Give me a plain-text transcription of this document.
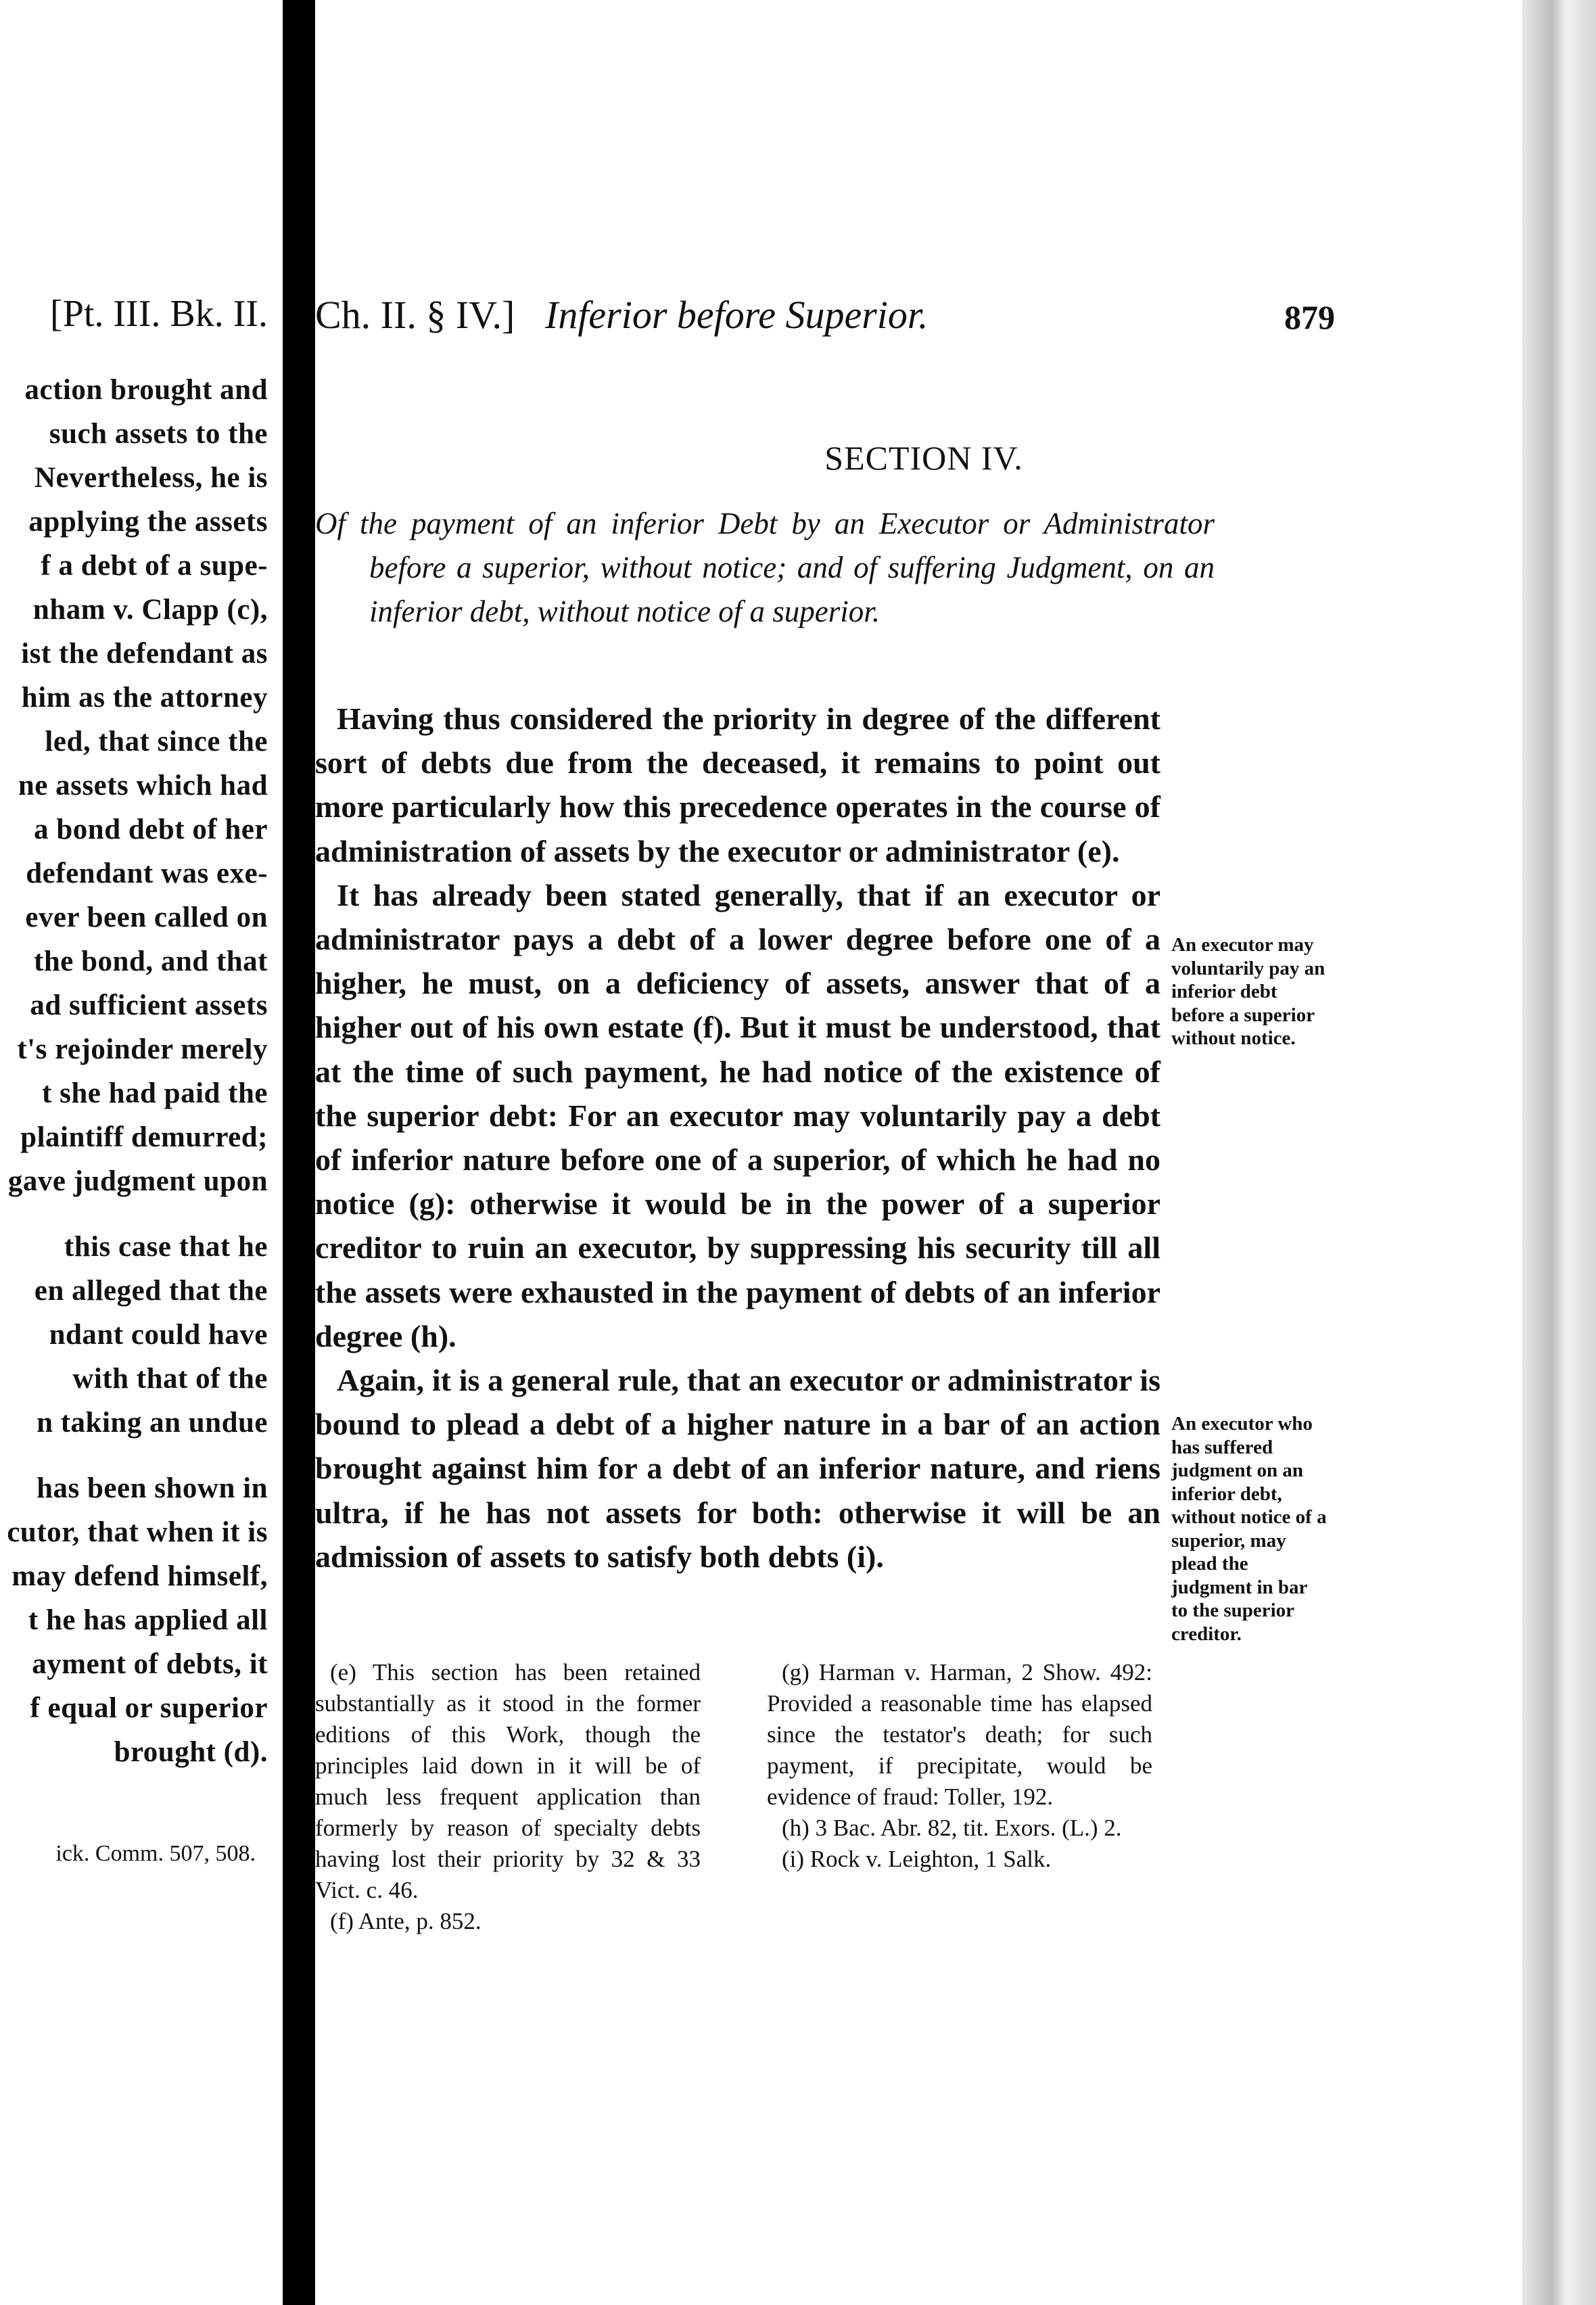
[Pt. III. Bk. II.
action brought and
such assets to the
Nevertheless, he is
applying the assets
f a debt of a supe-
nham v. Clapp (c),
ist the defendant as
him as the attorney
led, that since the
ne assets which had
a bond debt of her
defendant was exe-
ever been called on
the bond, and that
ad sufficient assets
t's rejoinder merely
t she had paid the
plaintiff demurred;
gave judgment upon
this case that he
en alleged that the
ndant could have
with that of the
n taking an undue
has been shown in
cutor, that when it is
may defend himself,
t he has applied all
ayment of debts, it
f equal or superior
brought (d).
ick. Comm. 507, 508.
Ch. II. § IV.] Inferior before Superior.	879
SECTION IV.
Of the payment of an inferior Debt by an Executor or Administrator before a superior, without notice; and of suffering Judgment, on an inferior debt, without notice of a superior.

Having thus considered the priority in degree of the different sort of debts due from the deceased, it remains to point out more particularly how this precedence operates in the course of administration of assets by the executor or administrator (e).

It has already been stated generally, that if an executor or administrator pays a debt of a lower degree before one of a higher, he must, on a deficiency of assets, answer that of a higher out of his own estate (f). But it must be understood, that at the time of such payment, he had notice of the existence of the superior debt: For an executor may voluntarily pay a debt of inferior nature before one of a superior, of which he had no notice (g): otherwise it would be in the power of a superior creditor to ruin an executor, by suppressing his security till all the assets were exhausted in the payment of debts of an inferior degree (h).

Again, it is a general rule, that an executor or administrator is bound to plead a debt of a higher nature in a bar of an action brought against him for a debt of an inferior nature, and riens ultra, if he has not assets for both: otherwise it will be an admission of assets to satisfy both debts (i).

An executor may voluntarily pay an inferior debt before a superior without notice.
An executor who has suffered judgment on an inferior debt, without notice of a superior, may plead the judgment in bar to the superior creditor.

(e) This section has been retained substantially as it stood in the former editions of this Work, though the principles laid down in it will be of much less frequent application than formerly by reason of specialty debts having lost their priority by 32 & 33 Vict. c. 46.

(f) Ante, p. 852.

(g) Harman v. Harman, 2 Show. 492: Provided a reasonable time has elapsed since the testator's death; for such payment, if precipitate, would be evidence of fraud: Toller, 192.

(h) 3 Bac. Abr. 82, tit. Exors. (L.) 2.

(i) Rock v. Leighton, 1 Salk.
